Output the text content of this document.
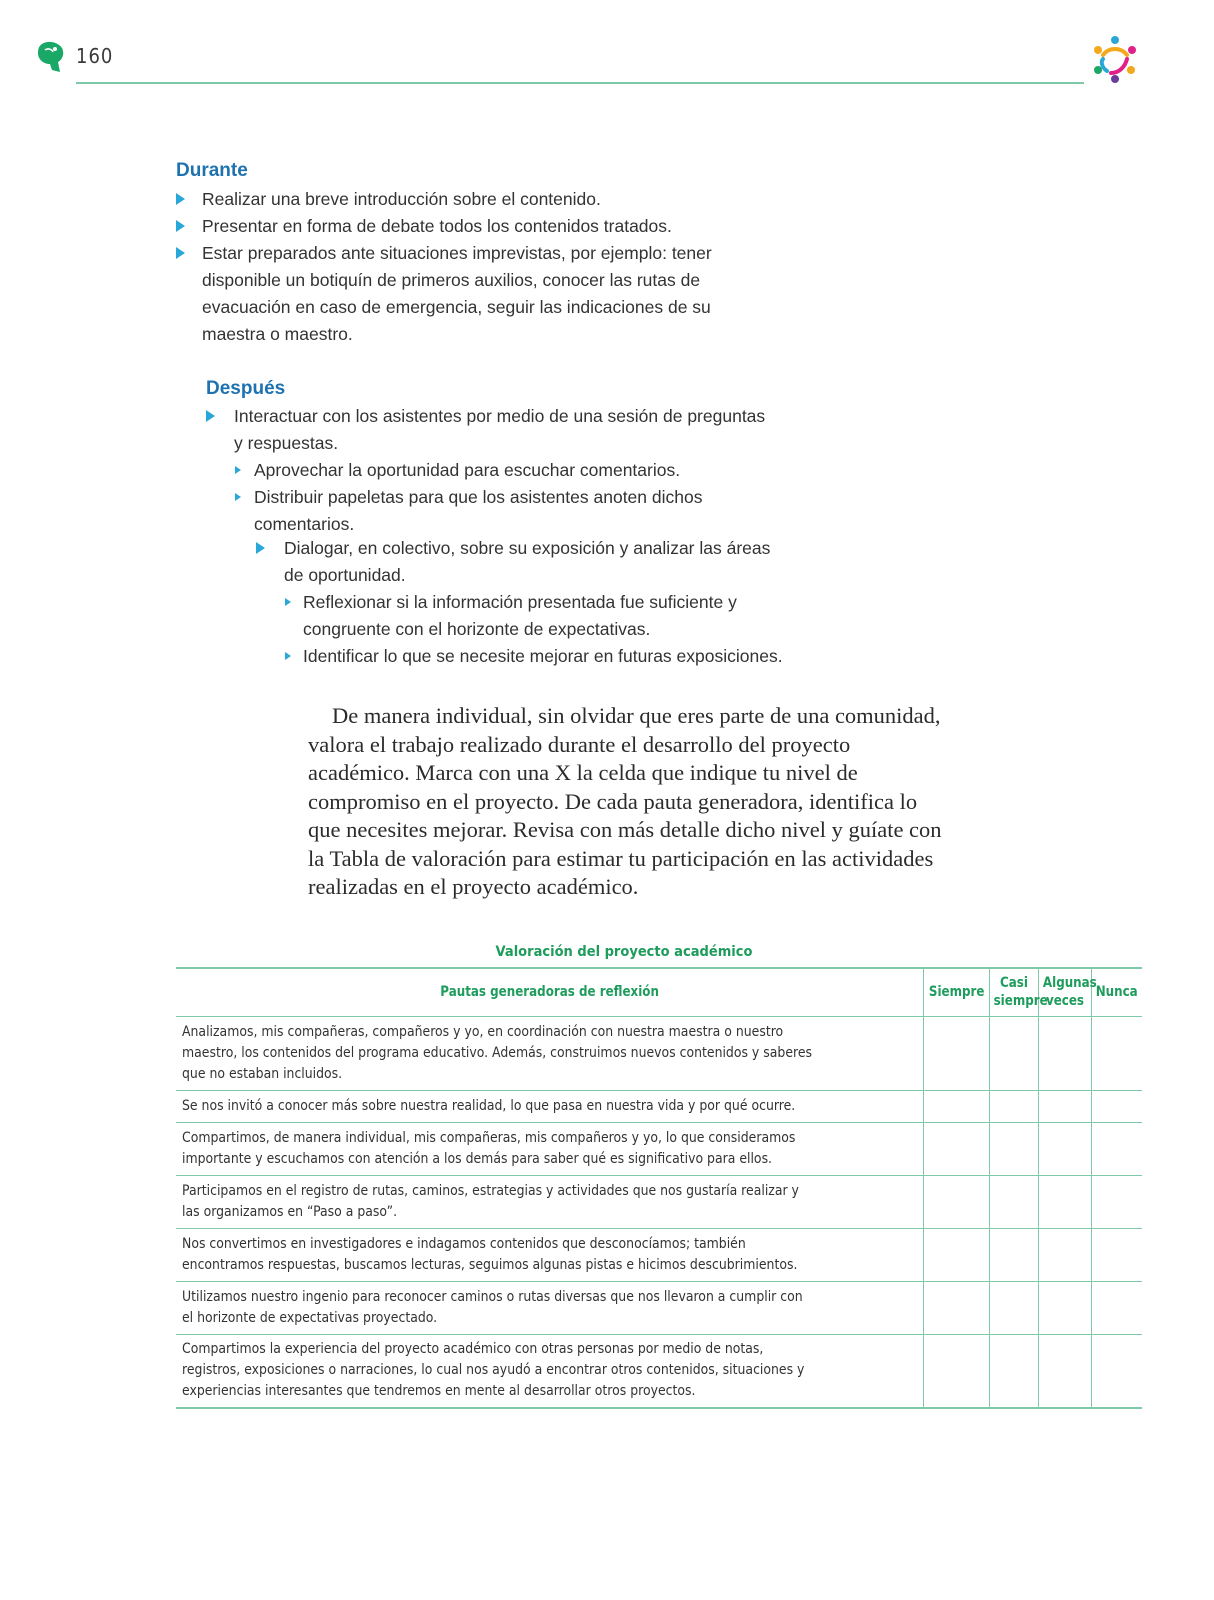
160
Durante
Realizar una breve introducción sobre el contenido.
Presentar en forma de debate todos los contenidos tratados.
Estar preparados ante situaciones imprevistas, por ejemplo: tener disponible un botiquín de primeros auxilios, conocer las rutas de evacuación en caso de emergencia, seguir las indicaciones de su maestra o maestro.
Después
Interactuar con los asistentes por medio de una sesión de preguntas y respuestas.
Aprovechar la oportunidad para escuchar comentarios.
Distribuir papeletas para que los asistentes anoten dichos comentarios.
Dialogar, en colectivo, sobre su exposición y analizar las áreas de oportunidad.
Reflexionar si la información presentada fue suficiente y congruente con el horizonte de expectativas.
Identificar lo que se necesite mejorar en futuras exposiciones.

De manera individual, sin olvidar que eres parte de una comunidad, valora el trabajo realizado durante el desarrollo del proyecto académico. Marca con una X la celda que indique tu nivel de compromiso en el proyecto. De cada pauta generadora, identifica lo que necesites mejorar. Revisa con más detalle dicho nivel y guíate con la Tabla de valoración para estimar tu participación en las actividades realizadas en el proyecto académico.

Valoración del proyecto académico
Pautas generadoras de reflexión	Siempre	Casi siempre	Algunas veces	Nunca

Analizamos, mis compañeras, compañeros y yo, en coordinación con nuestra maestra o nuestro maestro, los contenidos del programa educativo. Además, construimos nuevos contenidos y saberes que no estaban incluidos.				

Se nos invitó a conocer más sobre nuestra realidad, lo que pasa en nuestra vida y por qué ocurre.				

Compartimos, de manera individual, mis compañeras, mis compañeros y yo, lo que consideramos importante y escuchamos con atención a los demás para saber qué es significativo para ellos.				

Participamos en el registro de rutas, caminos, estrategias y actividades que nos gustaría realizar y las organizamos en “Paso a paso”.				

Nos convertimos en investigadores e indagamos contenidos que desconocíamos; también encontramos respuestas, buscamos lecturas, seguimos algunas pistas e hicimos descubrimientos.				

Utilizamos nuestro ingenio para reconocer caminos o rutas diversas que nos llevaron a cumplir con el horizonte de expectativas proyectado.				

Compartimos la experiencia del proyecto académico con otras personas por medio de notas, registros, exposiciones o narraciones, lo cual nos ayudó a encontrar otros contenidos, situaciones y experiencias interesantes que tendremos en mente al desarrollar otros proyectos.				
